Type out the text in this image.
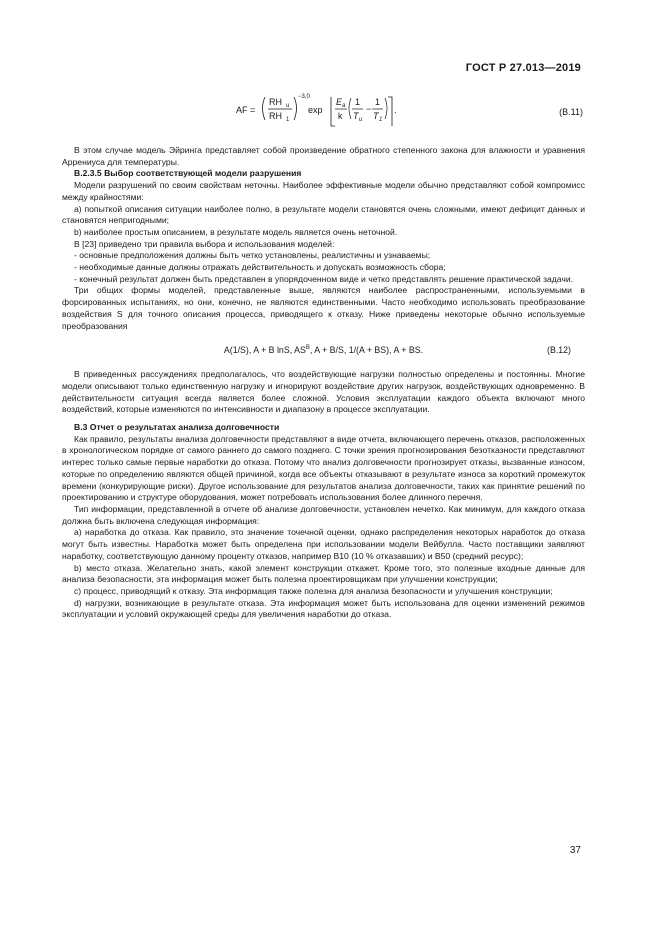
ГОСТ Р 27.013—2019
AF =
RH u
RH 1
−3,0
exp
E a
k
1
T u
−
1
T 1
.	(В.11)

В этом случае модель Эйринга представляет собой произведение обратного степенного закона для влажности и уравнения Аррениуса для температуры.

В.2.3.5 Выбор соответствующей модели разрушения

Модели разрушений по своим свойствам неточны. Наиболее эффективные модели обычно представляют собой компромисс между крайностями:

а) попыткой описания ситуации наиболее полно, в результате модели становятся очень сложными, имеют дефицит данных и становятся непригодными;

b) наиболее простым описанием, в результате модель является очень неточной.

В [23] приведено три правила выбора и использования моделей:

- основные предположения должны быть четко установлены, реалистичны и узнаваемы;

- необходимые данные должны отражать действительность и допускать возможность сбора;

- конечный результат должен быть представлен в упорядоченном виде и четко представлять решение практической задачи.

Три общих формы моделей, представленные выше, являются наиболее распространенными, используемыми в форсированных испытаниях, но они, конечно, не являются единственными. Часто необходимо использовать преобразование воздействия S для точного описания процесса, приводящего к отказу. Ниже приведены некоторые обычно используемые преобразования

A(1/S), A + B lnS, $AS^B$, A + B/S, 1/(A + BS), A + BS.	(В.12)

В приведенных рассуждениях предполагалось, что воздействующие нагрузки полностью определены и постоянны. Многие модели описывают только единственную нагрузку и игнорируют воздействие других нагрузок, воздействующих одновременно. В действительности ситуация всегда является более сложной. Условия эксплуатации каждого объекта включают много воздействий, которые изменяются по интенсивности и диапазону в процессе эксплуатации.

В.3 Отчет о результатах анализа долговечности

Как правило, результаты анализа долговечности представляют в виде отчета, включающего перечень отказов, расположенных в хронологическом порядке от самого раннего до самого позднего. С точки зрения прогнозирования безотказности представляют интерес только самые первые наработки до отказа. Потому что анализ долговечности прогнозирует отказы, вызванные износом, которые по определению являются общей причиной, когда все объекты отказывают в результате износа за короткий промежуток времени (конкурирующие риски). Другое использование для результатов анализа долговечности, таких как принятие решений по проектированию и структуре оборудования, может потребовать использования более длинного перечня.

Тип информации, представленной в отчете об анализе долговечности, установлен нечетко. Как минимум, для каждого отказа должна быть включена следующая информация:

а) наработка до отказа. Как правило, это значение точечной оценки, однако распределения некоторых наработок до отказа могут быть известны. Наработка может быть определена при использовании модели Вейбулла. Часто поставщики заявляют наработку, соответствующую данному проценту отказов, например В10 (10 % отказавших) и В50 (средний ресурс);

b) место отказа. Желательно знать, какой элемент конструкции откажет. Кроме того, это полезные входные данные для анализа безопасности, эта информация может быть полезна проектировщикам при улучшении конструкции;

c) процесс, приводящий к отказу. Эта информация также полезна для анализа безопасности и улучшения конструкции;

d) нагрузки, возникающие в результате отказа. Эта информация может быть использована для оценки изменений режимов эксплуатации и условий окружающей среды для увеличения наработки до отказа.

37
